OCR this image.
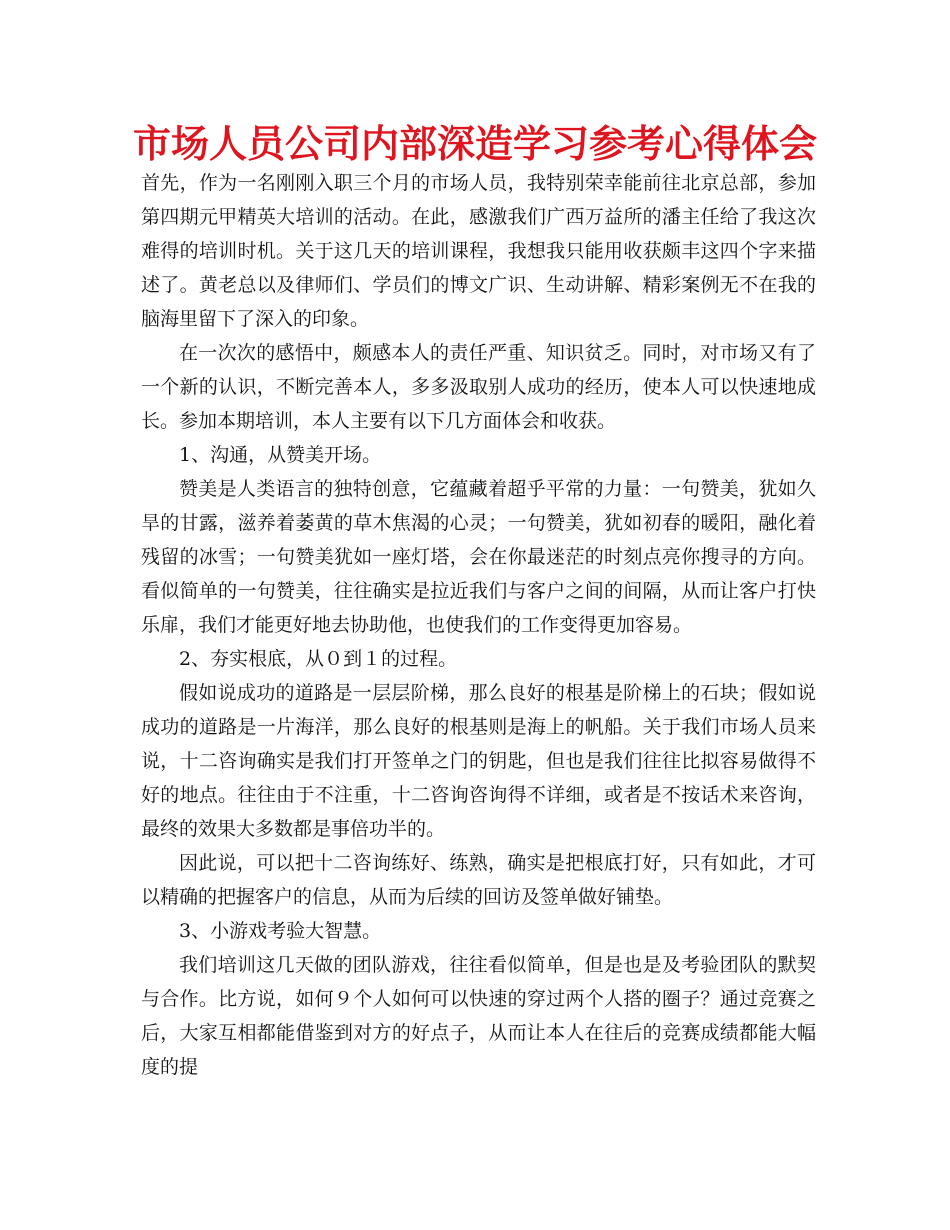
市场人员公司内部深造学习参考心得体会

首先，作为一名刚刚入职三个月的市场人员，我特别荣幸能前往北京总部，参加第四期元甲精英大培训的活动。在此，感激我们广西万益所的潘主任给了我这次难得的培训时机。关于这几天的培训课程，我想我只能用收获颇丰这四个字来描述了。黄老总以及律师们、学员们的博文广识、生动讲解、精彩案例无不在我的脑海里留下了深入的印象。

在一次次的感悟中，颇感本人的责任严重、知识贫乏。同时，对市场又有了一个新的认识，不断完善本人，多多汲取别人成功的经历，使本人可以快速地成长。参加本期培训，本人主要有以下几方面体会和收获。

1、沟通，从赞美开场。

赞美是人类语言的独特创意，它蕴藏着超乎平常的力量：一句赞美，犹如久旱的甘露，滋养着萎黄的草木焦渴的心灵；一句赞美，犹如初春的暖阳，融化着残留的冰雪；一句赞美犹如一座灯塔，会在你最迷茫的时刻点亮你搜寻的方向。看似简单的一句赞美，往往确实是拉近我们与客户之间的间隔，从而让客户打快乐扉，我们才能更好地去协助他，也使我们的工作变得更加容易。

2、夯实根底，从０到１的过程。

假如说成功的道路是一层层阶梯，那么良好的根基是阶梯上的石块；假如说成功的道路是一片海洋，那么良好的根基则是海上的帆船。关于我们市场人员来说，十二咨询确实是我们打开签单之门的钥匙，但也是我们往往比拟容易做得不好的地点。往往由于不注重，十二咨询咨询得不详细，或者是不按话术来咨询，最终的效果大多数都是事倍功半的。

因此说，可以把十二咨询练好、练熟，确实是把根底打好，只有如此，才可以精确的把握客户的信息，从而为后续的回访及签单做好铺垫。

3、小游戏考验大智慧。

我们培训这几天做的团队游戏，往往看似简单，但是也是及考验团队的默契与合作。比方说，如何９个人如何可以快速的穿过两个人搭的圈子？通过竞赛之后，大家互相都能借鉴到对方的好点子，从而让本人在往后的竞赛成绩都能大幅度的提
